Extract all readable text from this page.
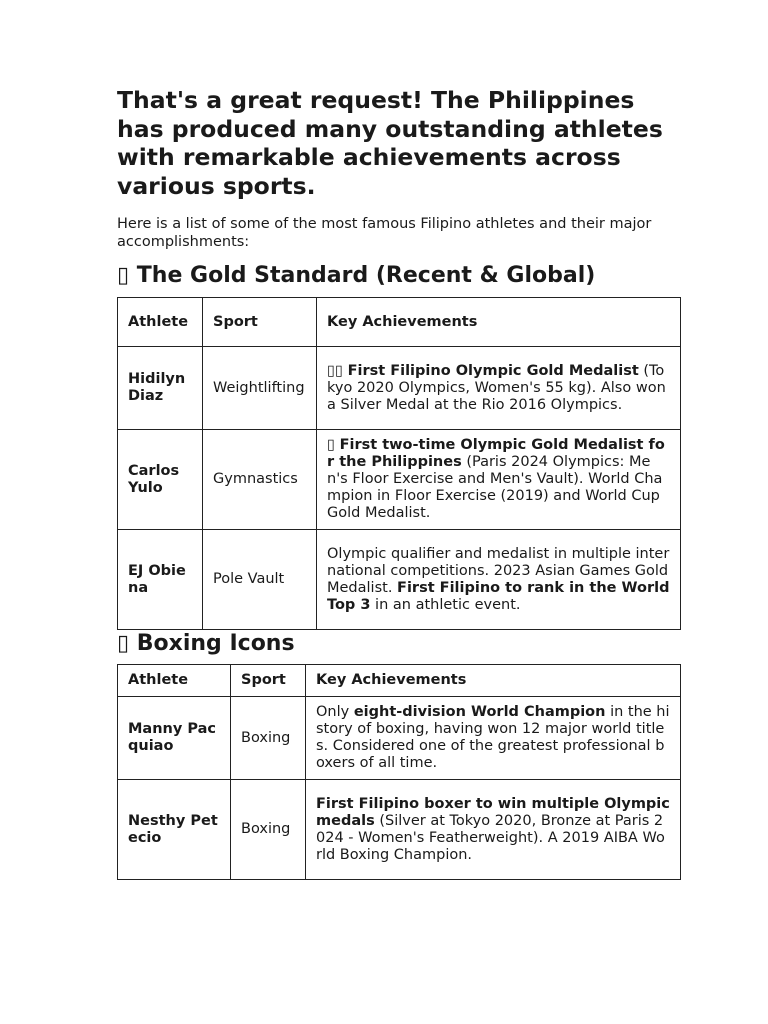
That's a great request! The Philippines has produced many outstanding athletes with remarkable achievements across various sports.

Here is a list of some of the most famous Filipino athletes and their major accomplishments:

▯ The Gold Standard (Recent & Global)
Athlete	Sport	Key Achievements
Hidilyn Diaz	Weightlifting	▯▯ First Filipino Olympic Gold Medalist (Tokyo 2020 Olympics, Women's 55 kg). Also won a Silver Medal at the Rio 2016 Olympics.
Carlos Yulo	Gymnastics	▯ First two-time Olympic Gold Medalist for the Philippines (Paris 2024 Olympics: Men's Floor Exercise and Men's Vault). World Champion in Floor Exercise (2019) and World Cup Gold Medalist.
EJ Obiena	Pole Vault	Olympic qualifier and medalist in multiple international competitions. 2023 Asian Games Gold Medalist. First Filipino to rank in the World Top 3 in an athletic event.
▯ Boxing Icons
Athlete	Sport	Key Achievements
Manny Pacquiao	Boxing	Only eight-division World Champion in the history of boxing, having won 12 major world titles. Considered one of the greatest professional boxers of all time.
Nesthy Petecio	Boxing	First Filipino boxer to win multiple Olympic medals (Silver at Tokyo 2020, Bronze at Paris 2024 - Women's Featherweight). A 2019 AIBA World Boxing Champion.
